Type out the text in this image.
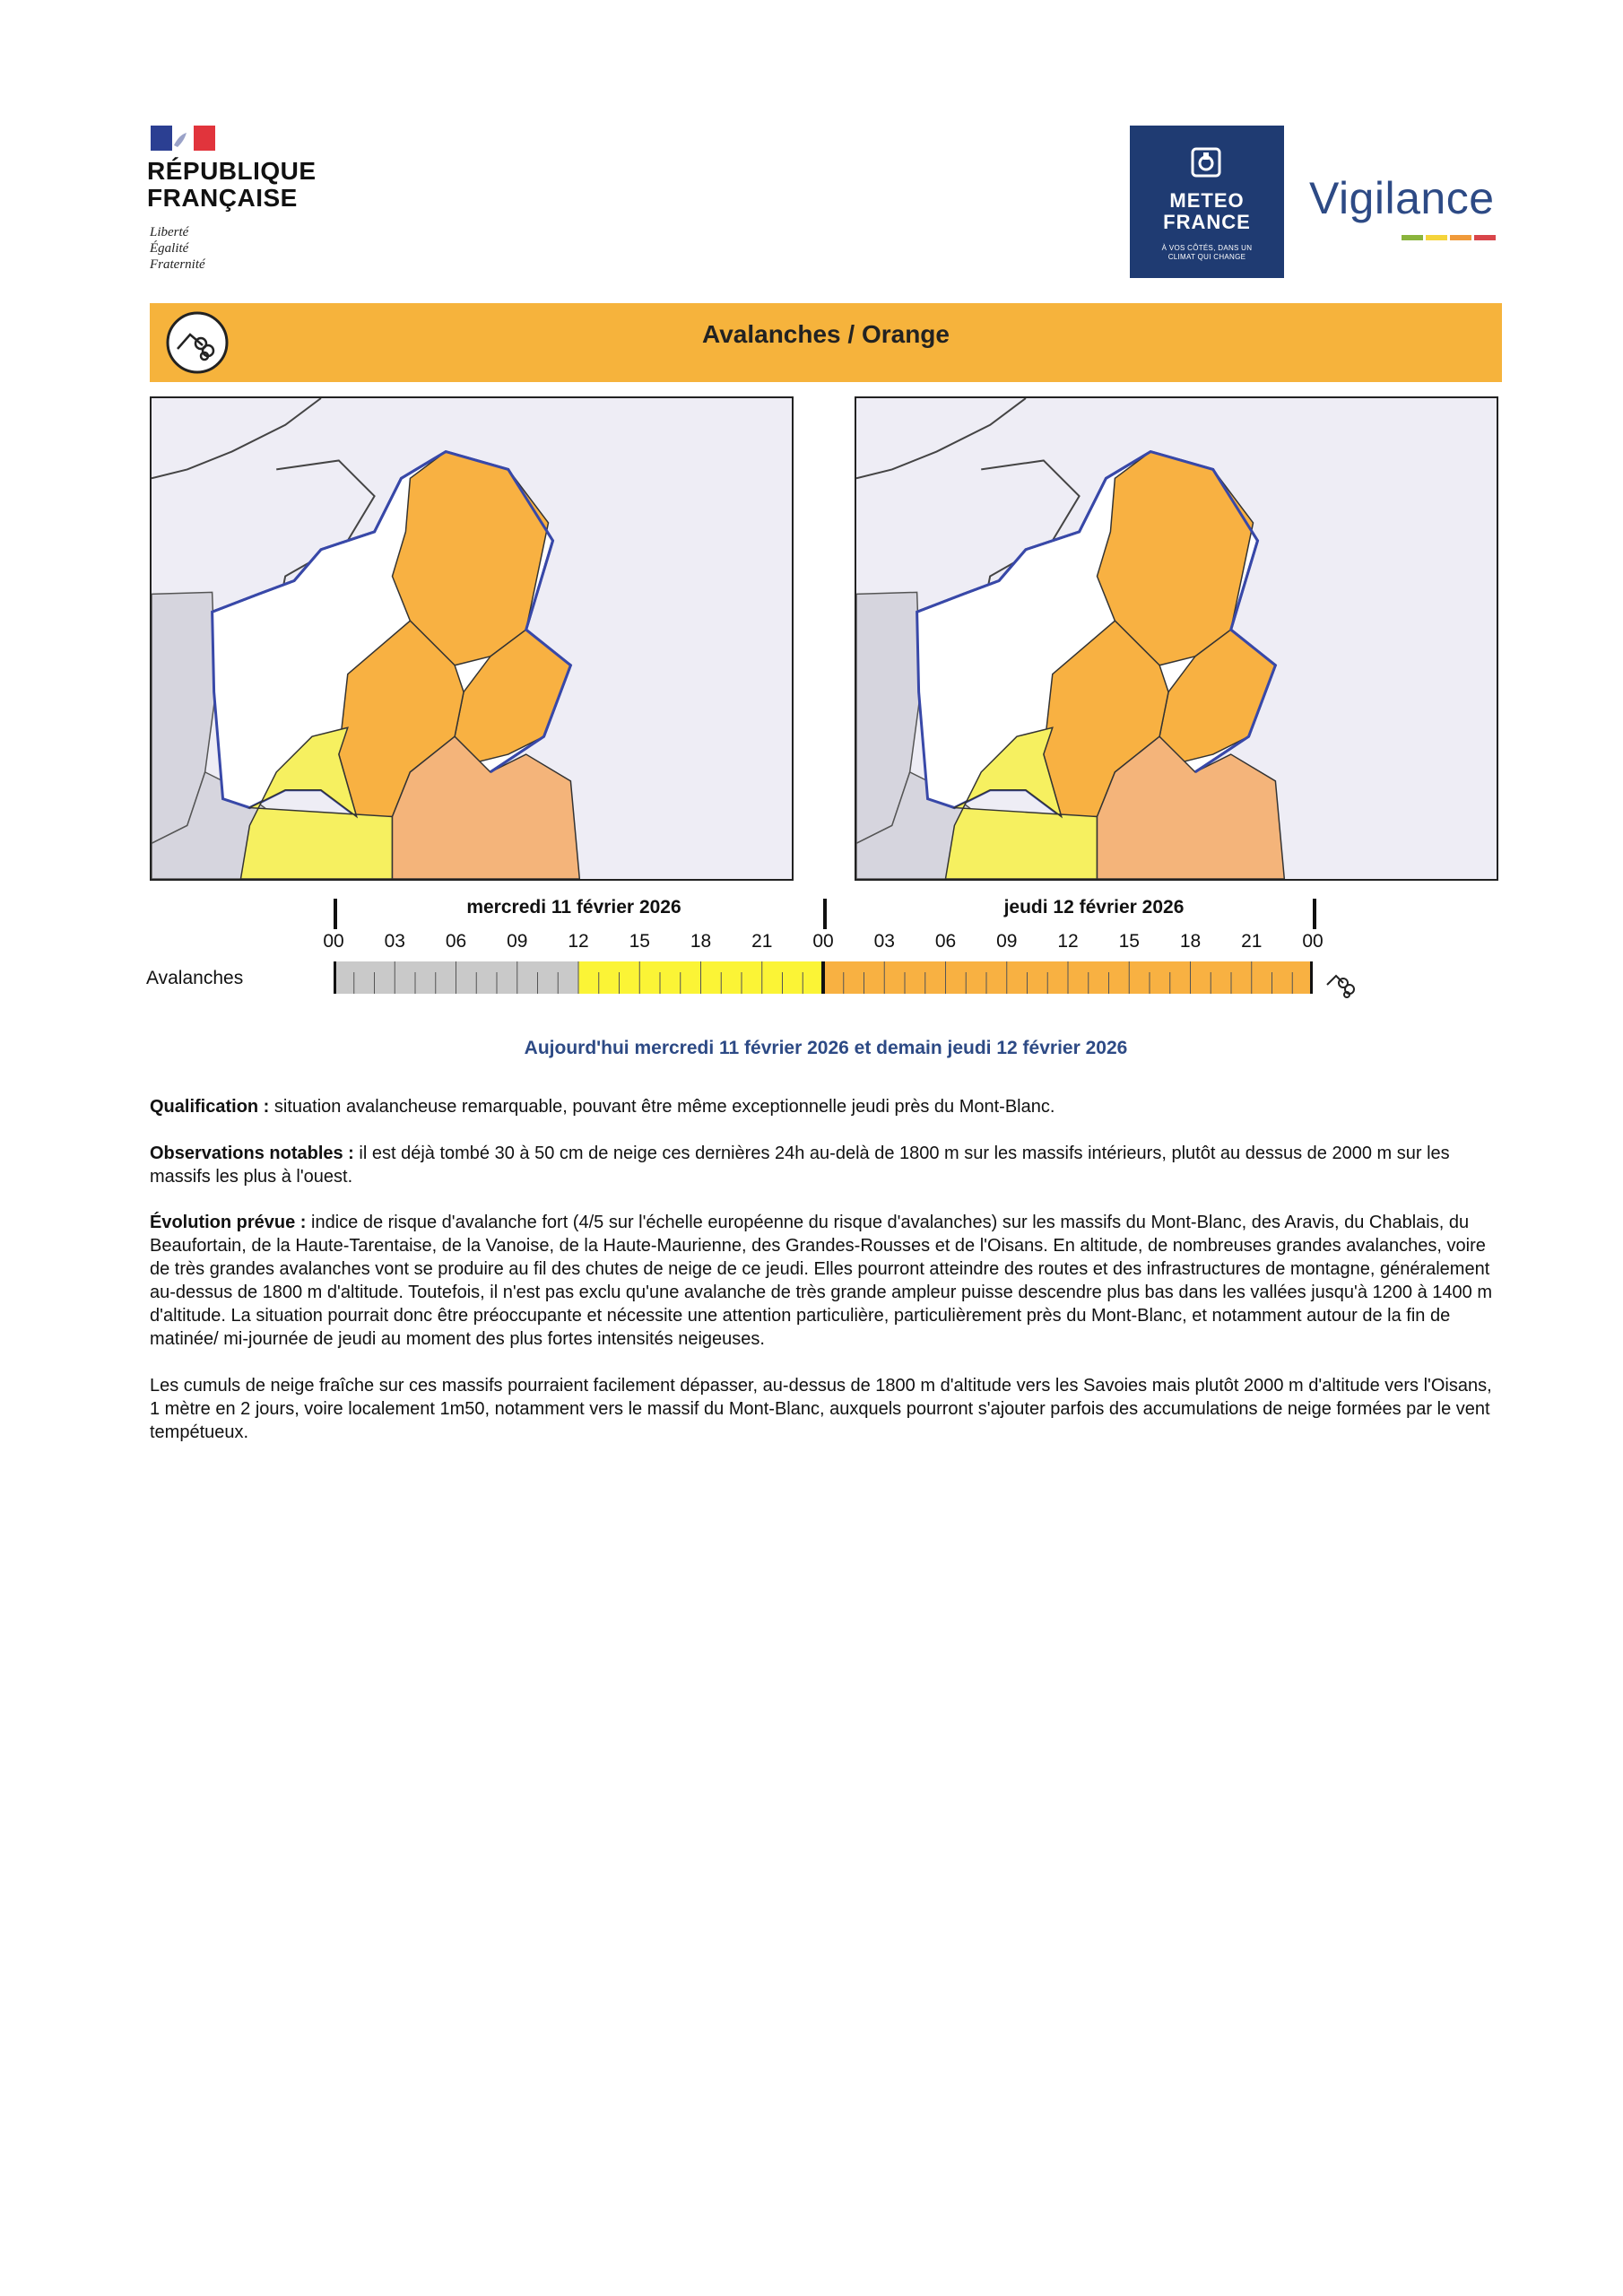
RÉPUBLIQUE
FRANÇAISE
Liberté
Égalité
Fraternité
METEO
FRANCE
À VOS CÔTÉS, DANS UN
CLIMAT QUI CHANGE
Vigilance
Avalanches / Orange
mercredi 11 février 2026	jeudi 12 février 2026
00	03	06	09	12	15	18	21	00	03	06	09	12	15	18	21	00
Avalanches
Aujourd'hui mercredi 11 février 2026 et demain jeudi 12 février 2026

Qualification : situation avalancheuse remarquable, pouvant être même exceptionnelle jeudi près du Mont-Blanc.

Observations notables : il est déjà tombé 30 à 50 cm de neige ces dernières 24h au-delà de 1800 m sur les massifs intérieurs, plutôt au dessus de 2000 m sur les massifs les plus à l'ouest.

Évolution prévue : indice de risque d'avalanche fort (4/5 sur l'échelle européenne du risque d'avalanches) sur les massifs du Mont-Blanc, des Aravis, du Chablais, du Beaufortain, de la Haute-Tarentaise, de la Vanoise, de la Haute-Maurienne, des Grandes-Rousses et de l'Oisans. En altitude, de nombreuses grandes avalanches, voire de très grandes avalanches vont se produire au fil des chutes de neige de ce jeudi. Elles pourront atteindre des routes et des infrastructures de montagne, généralement au-dessus de 1800 m d'altitude. Toutefois, il n'est pas exclu qu'une avalanche de très grande ampleur puisse descendre plus bas dans les vallées jusqu'à 1200 à 1400 m d'altitude. La situation pourrait donc être préoccupante et nécessite une attention particulière, particulièrement près du Mont-Blanc, et notamment autour de la fin de matinée/ mi-journée de jeudi au moment des plus fortes intensités neigeuses.

Les cumuls de neige fraîche sur ces massifs pourraient facilement dépasser, au-dessus de 1800 m d'altitude vers les Savoies mais plutôt 2000 m d'altitude vers l'Oisans, 1 mètre en 2 jours, voire localement 1m50, notamment vers le massif du Mont-Blanc, auxquels pourront s'ajouter parfois des accumulations de neige formées par le vent tempétueux.
